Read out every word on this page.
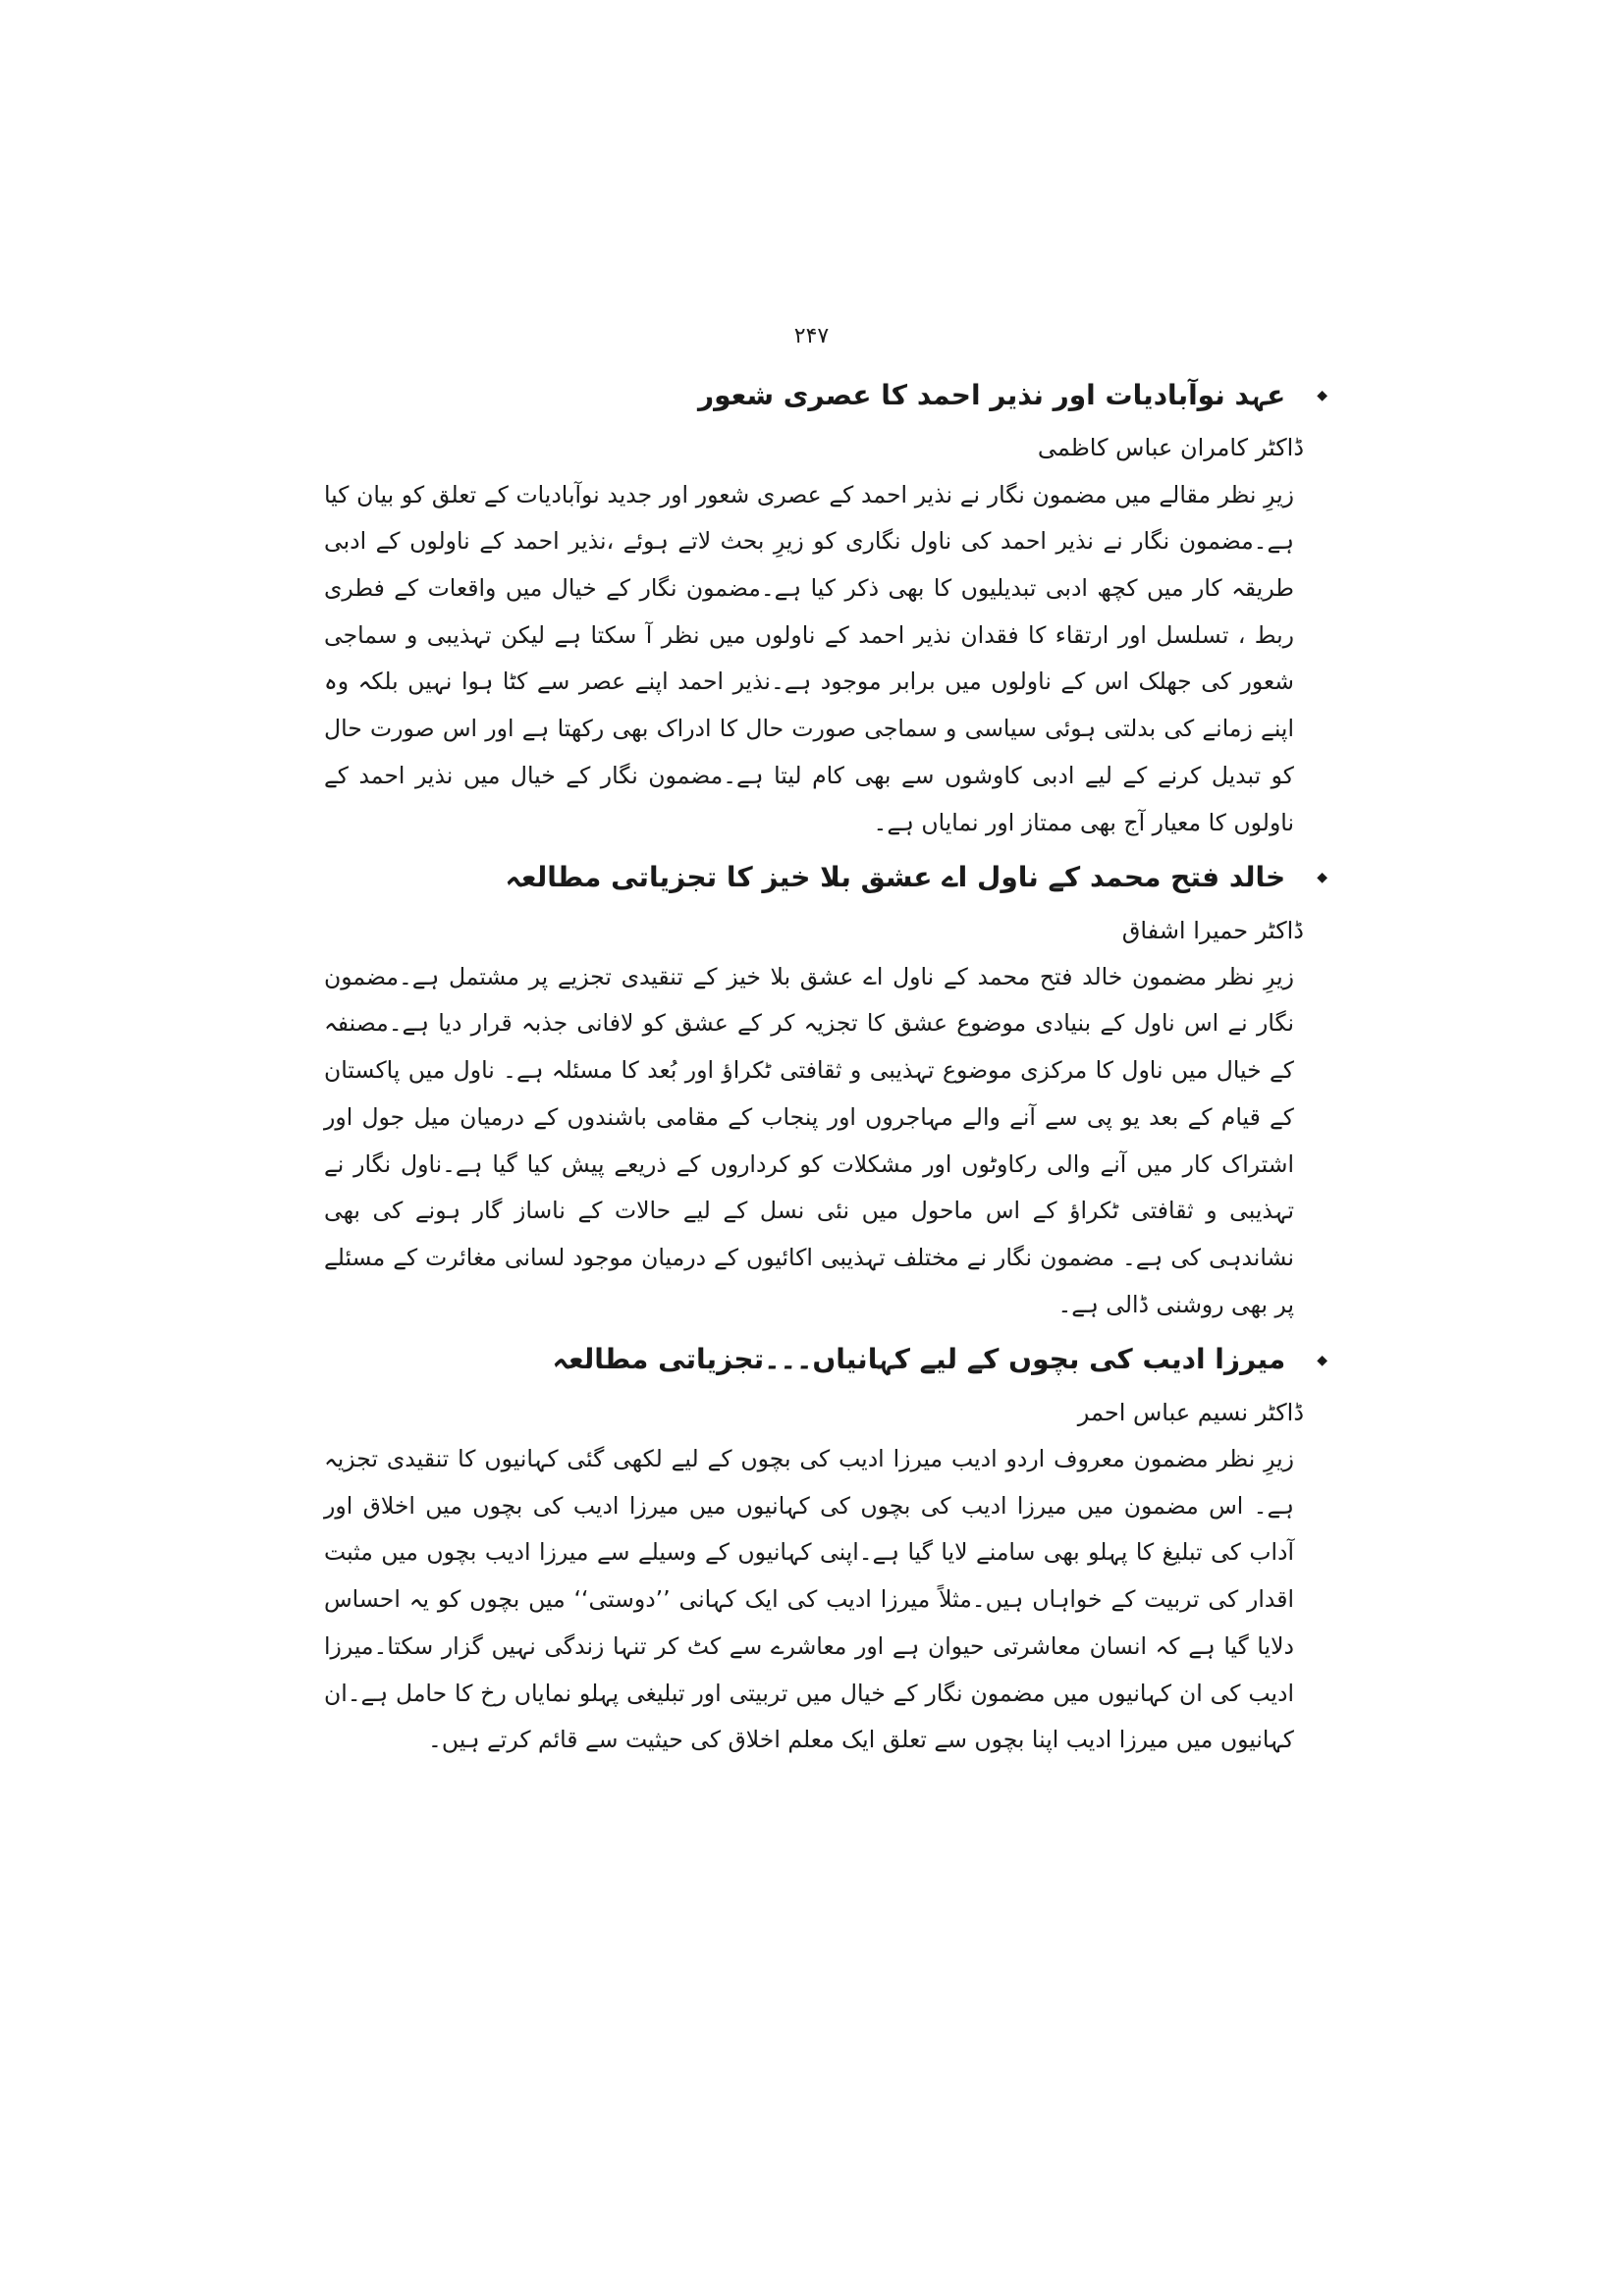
۲۴۷
◆
عہد نوآبادیات اور نذیر احمد کا عصری شعور
ڈاکٹر کامران عباس کاظمی
زیرِ نظر مقالے میں مضمون نگار نے نذیر احمد کے عصری شعور اور جدید نوآبادیات کے تعلق کو بیان کیا ہے۔مضمون نگار نے نذیر احمد کی ناول نگاری کو زیرِ بحث لاتے ہوئے ،نذیر احمد کے ناولوں کے ادبی طریقہ کار میں کچھ ادبی تبدیلیوں کا بھی ذکر کیا ہے۔مضمون نگار کے خیال میں واقعات کے فطری ربط ، تسلسل اور ارتقاء کا فقدان نذیر احمد کے ناولوں میں نظر آ سکتا ہے لیکن تہذیبی و سماجی شعور کی جھلک اس کے ناولوں میں برابر موجود ہے۔نذیر احمد اپنے عصر سے کٹا ہوا نہیں بلکہ وہ اپنے زمانے کی بدلتی ہوئی سیاسی و سماجی صورت حال کا ادراک بھی رکھتا ہے اور اس صورت حال کو تبدیل کرنے کے لیے ادبی کاوشوں سے بھی کام لیتا ہے۔مضمون نگار کے خیال میں نذیر احمد کے ناولوں کا معیار آج بھی ممتاز اور نمایاں ہے۔
◆
خالد فتح محمد کے ناول اے عشق بلا خیز کا تجزیاتی مطالعہ
ڈاکٹر حمیرا اشفاق
زیرِ نظر مضمون خالد فتح محمد کے ناول اے عشق بلا خیز کے تنقیدی تجزیے پر مشتمل ہے۔مضمون نگار نے اس ناول کے بنیادی موضوع عشق کا تجزیہ کر کے عشق کو لافانی جذبہ قرار دیا ہے۔مصنفہ کے خیال میں ناول کا مرکزی موضوع تہذیبی و ثقافتی ٹکراؤ اور بُعد کا مسئلہ ہے۔ ناول میں پاکستان کے قیام کے بعد یو پی سے آنے والے مہاجروں اور پنجاب کے مقامی باشندوں کے درمیان میل جول اور اشتراک کار میں آنے والی رکاوٹوں اور مشکلات کو کرداروں کے ذریعے پیش کیا گیا ہے۔ناول نگار نے تہذیبی و ثقافتی ٹکراؤ کے اس ماحول میں نئی نسل کے لیے حالات کے ناساز گار ہونے کی بھی نشاندہی کی ہے۔ مضمون نگار نے مختلف تہذیبی اکائیوں کے درمیان موجود لسانی مغائرت کے مسئلے پر بھی روشنی ڈالی ہے۔
◆
میرزا ادیب کی بچوں کے لیے کہانیاں۔۔۔تجزیاتی مطالعہ
ڈاکٹر نسیم عباس احمر
زیرِ نظر مضمون معروف اردو ادیب میرزا ادیب کی بچوں کے لیے لکھی گئی کہانیوں کا تنقیدی تجزیہ ہے۔ اس مضمون میں میرزا ادیب کی بچوں کی کہانیوں میں میرزا ادیب کی بچوں میں اخلاق اور آداب کی تبلیغ کا پہلو بھی سامنے لایا گیا ہے۔اپنی کہانیوں کے وسیلے سے میرزا ادیب بچوں میں مثبت اقدار کی تربیت کے خواہاں ہیں۔مثلاً میرزا ادیب کی ایک کہانی ’’دوستی‘‘ میں بچوں کو یہ احساس دلایا گیا ہے کہ انسان معاشرتی حیوان ہے اور معاشرے سے کٹ کر تنہا زندگی نہیں گزار سکتا۔میرزا ادیب کی ان کہانیوں میں مضمون نگار کے خیال میں تربیتی اور تبلیغی پہلو نمایاں رخ کا حامل ہے۔ان کہانیوں میں میرزا ادیب اپنا بچوں سے تعلق ایک معلم اخلاق کی حیثیت سے قائم کرتے ہیں۔
